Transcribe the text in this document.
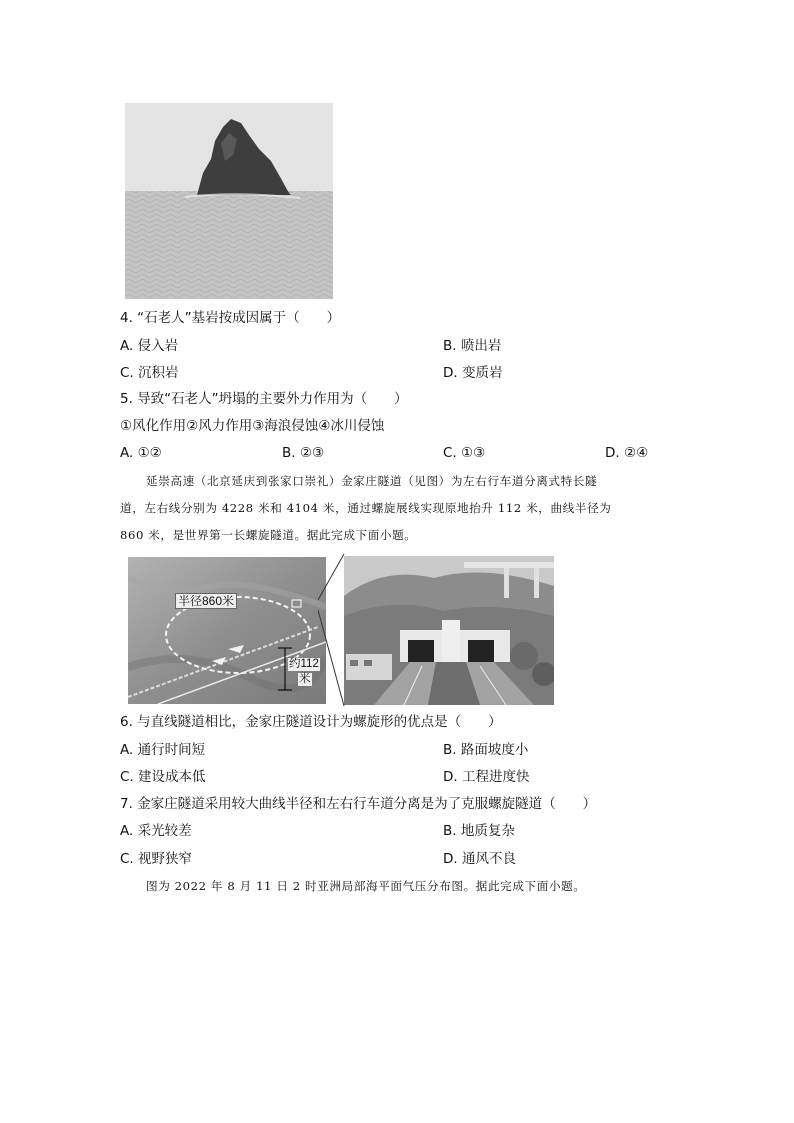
4. “石老人”基岩按成因属于（　　）
A. 侵入岩	B. 喷出岩
C. 沉积岩	D. 变质岩
5. 导致“石老人”坍塌的主要外力作用为（　　）
①风化作用②风力作用③海浪侵蚀④冰川侵蚀
A. ①②	B. ②③	C. ①③	D. ②④
延崇高速（北京延庆到张家口崇礼）金家庄隧道（见图）为左右行车道分离式特长隧
道，左右线分别为 4228 米和 4104 米，通过螺旋展线实现原地抬升 112 米，曲线半径为
860 米，是世界第一长螺旋隧道。据此完成下面小题。
半径860米
约112
米
6. 与直线隧道相比，金家庄隧道设计为螺旋形的优点是（　　）
A. 通行时间短	B. 路面坡度小
C. 建设成本低	D. 工程进度快
7. 金家庄隧道采用较大曲线半径和左右行车道分离是为了克服螺旋隧道（　　）
A. 采光较差	B. 地质复杂
C. 视野狭窄	D. 通风不良
图为 2022 年 8 月 11 日 2 时亚洲局部海平面气压分布图。据此完成下面小题。
